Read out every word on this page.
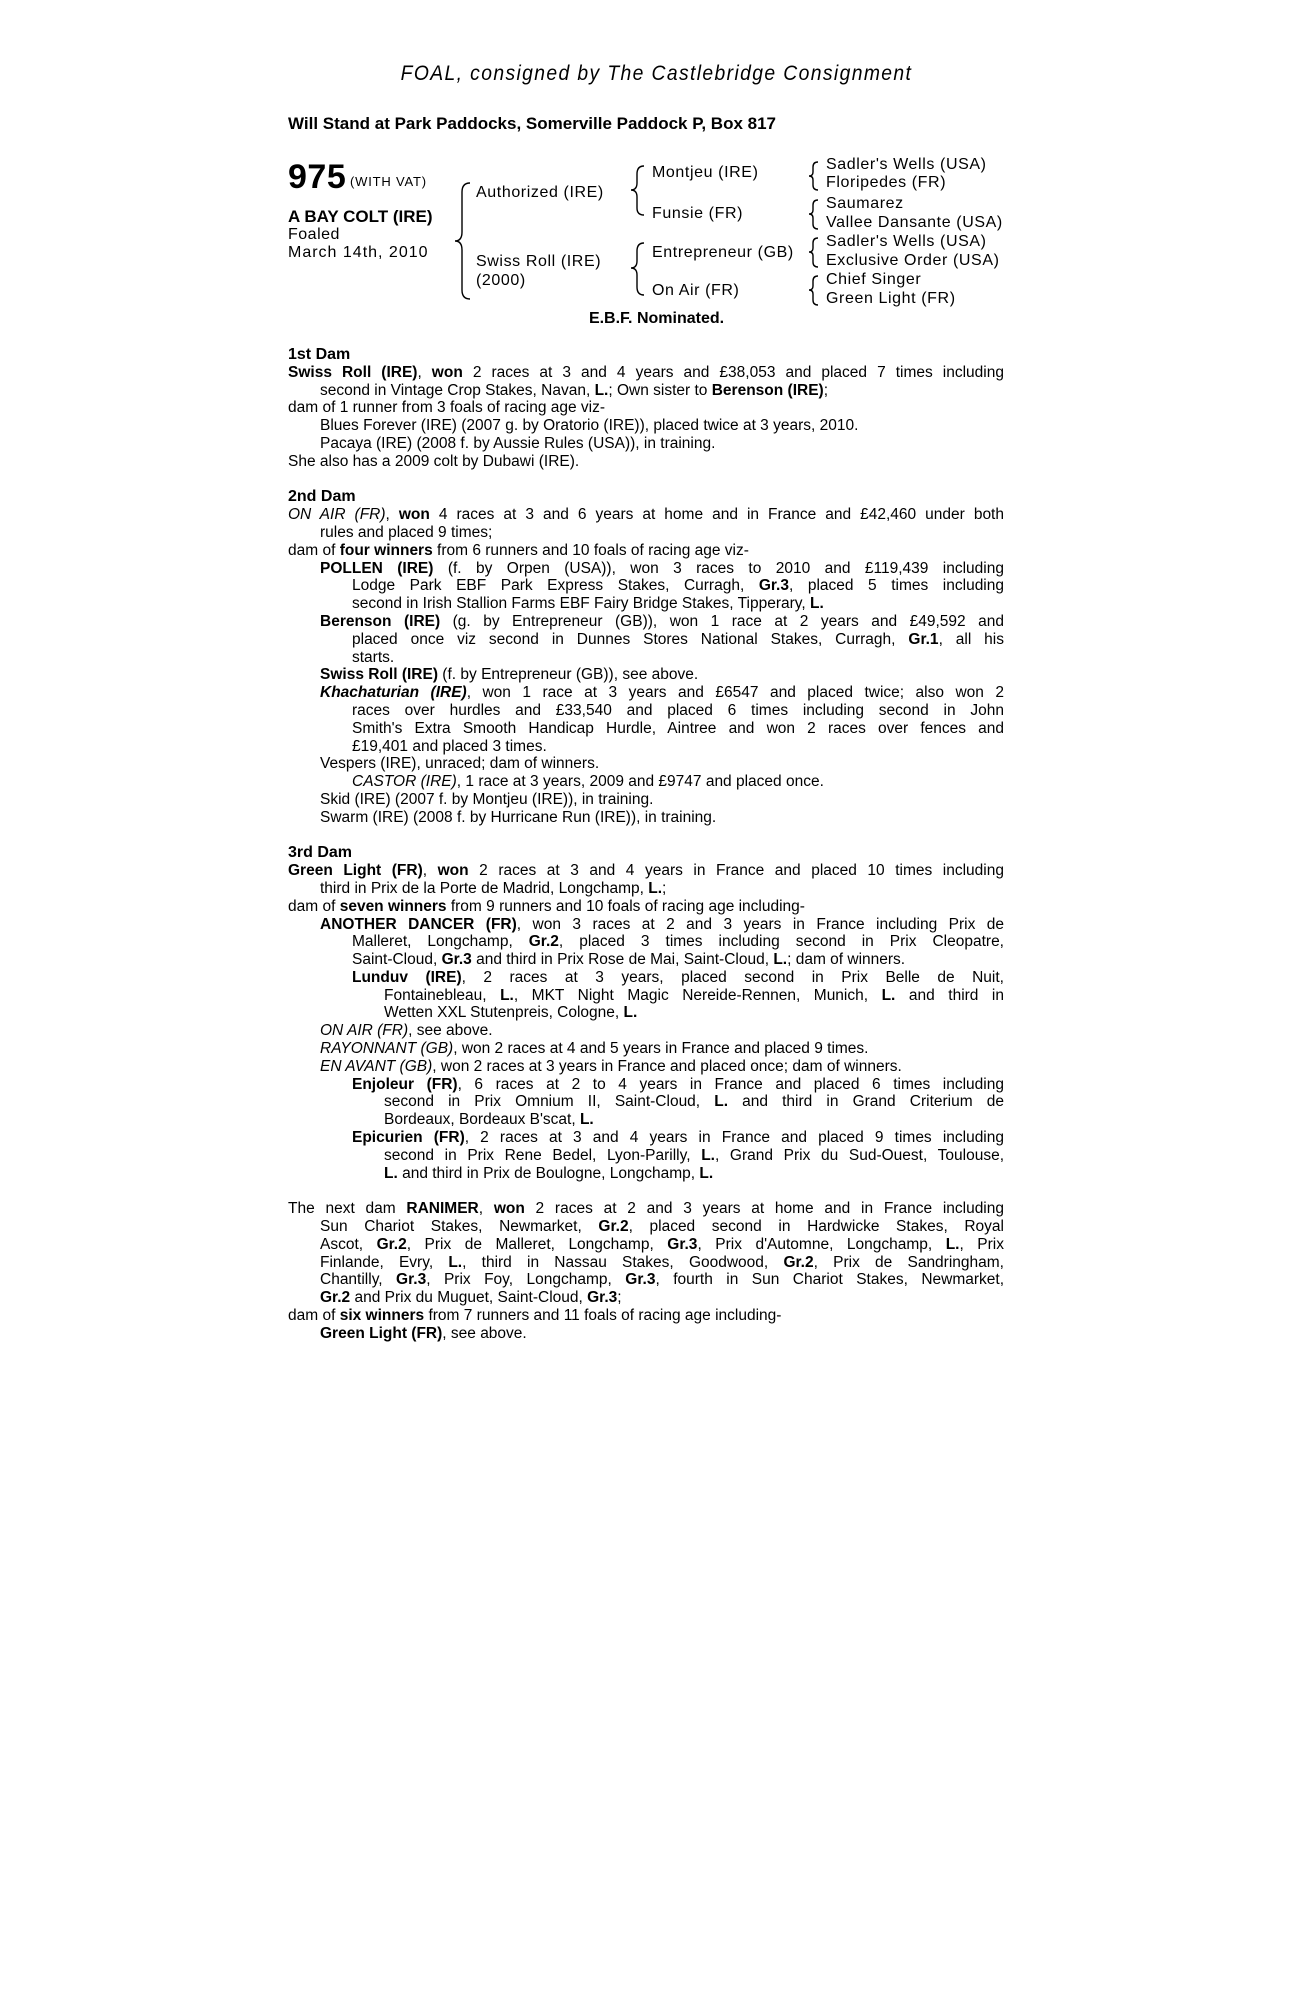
FOAL, consigned by The Castlebridge Consignment
Will Stand at Park Paddocks, Somerville Paddock P, Box 817
975 (WITH VAT)
A BAY COLT (IRE)
Foaled
March 14th, 2010
Authorized (IRE)
Swiss Roll (IRE)
(2000)
Montjeu (IRE)
Funsie (FR)
Entrepreneur (GB)
On Air (FR)
Sadler's Wells (USA)
Floripedes (FR)
Saumarez
Vallee Dansante (USA)
Sadler's Wells (USA)
Exclusive Order (USA)
Chief Singer
Green Light (FR)
E.B.F. Nominated.

1st Dam

Swiss Roll (IRE), won 2 races at 3 and 4 years and £38,053 and placed 7 times including

second in Vintage Crop Stakes, Navan, L.; Own sister to Berenson (IRE);

dam of 1 runner from 3 foals of racing age viz-

Blues Forever (IRE) (2007 g. by Oratorio (IRE)), placed twice at 3 years, 2010.

Pacaya (IRE) (2008 f. by Aussie Rules (USA)), in training.

She also has a 2009 colt by Dubawi (IRE).

2nd Dam

ON AIR (FR), won 4 races at 3 and 6 years at home and in France and £42,460 under both

rules and placed 9 times;

dam of four winners from 6 runners and 10 foals of racing age viz-

POLLEN (IRE) (f. by Orpen (USA)), won 3 races to 2010 and £119,439 including

Lodge Park EBF Park Express Stakes, Curragh, Gr.3, placed 5 times including

second in Irish Stallion Farms EBF Fairy Bridge Stakes, Tipperary, L.

Berenson (IRE) (g. by Entrepreneur (GB)), won 1 race at 2 years and £49,592 and

placed once viz second in Dunnes Stores National Stakes, Curragh, Gr.1, all his

starts.

Swiss Roll (IRE) (f. by Entrepreneur (GB)), see above.

Khachaturian (IRE), won 1 race at 3 years and £6547 and placed twice; also won 2

races over hurdles and £33,540 and placed 6 times including second in John

Smith's Extra Smooth Handicap Hurdle, Aintree and won 2 races over fences and

£19,401 and placed 3 times.

Vespers (IRE), unraced; dam of winners.

CASTOR (IRE), 1 race at 3 years, 2009 and £9747 and placed once.

Skid (IRE) (2007 f. by Montjeu (IRE)), in training.

Swarm (IRE) (2008 f. by Hurricane Run (IRE)), in training.

3rd Dam

Green Light (FR), won 2 races at 3 and 4 years in France and placed 10 times including

third in Prix de la Porte de Madrid, Longchamp, L.;

dam of seven winners from 9 runners and 10 foals of racing age including-

ANOTHER DANCER (FR), won 3 races at 2 and 3 years in France including Prix de

Malleret, Longchamp, Gr.2, placed 3 times including second in Prix Cleopatre,

Saint-Cloud, Gr.3 and third in Prix Rose de Mai, Saint-Cloud, L.; dam of winners.

Lunduv (IRE), 2 races at 3 years, placed second in Prix Belle de Nuit,

Fontainebleau, L., MKT Night Magic Nereide-Rennen, Munich, L. and third in

Wetten XXL Stutenpreis, Cologne, L.

ON AIR (FR), see above.

RAYONNANT (GB), won 2 races at 4 and 5 years in France and placed 9 times.

EN AVANT (GB), won 2 races at 3 years in France and placed once; dam of winners.

Enjoleur (FR), 6 races at 2 to 4 years in France and placed 6 times including

second in Prix Omnium II, Saint-Cloud, L. and third in Grand Criterium de

Bordeaux, Bordeaux B'scat, L.

Epicurien (FR), 2 races at 3 and 4 years in France and placed 9 times including

second in Prix Rene Bedel, Lyon-Parilly, L., Grand Prix du Sud-Ouest, Toulouse,

L. and third in Prix de Boulogne, Longchamp, L.

The next dam RANIMER, won 2 races at 2 and 3 years at home and in France including

Sun Chariot Stakes, Newmarket, Gr.2, placed second in Hardwicke Stakes, Royal

Ascot, Gr.2, Prix de Malleret, Longchamp, Gr.3, Prix d'Automne, Longchamp, L., Prix

Finlande, Evry, L., third in Nassau Stakes, Goodwood, Gr.2, Prix de Sandringham,

Chantilly, Gr.3, Prix Foy, Longchamp, Gr.3, fourth in Sun Chariot Stakes, Newmarket,

Gr.2 and Prix du Muguet, Saint-Cloud, Gr.3;

dam of six winners from 7 runners and 11 foals of racing age including-

Green Light (FR), see above.
